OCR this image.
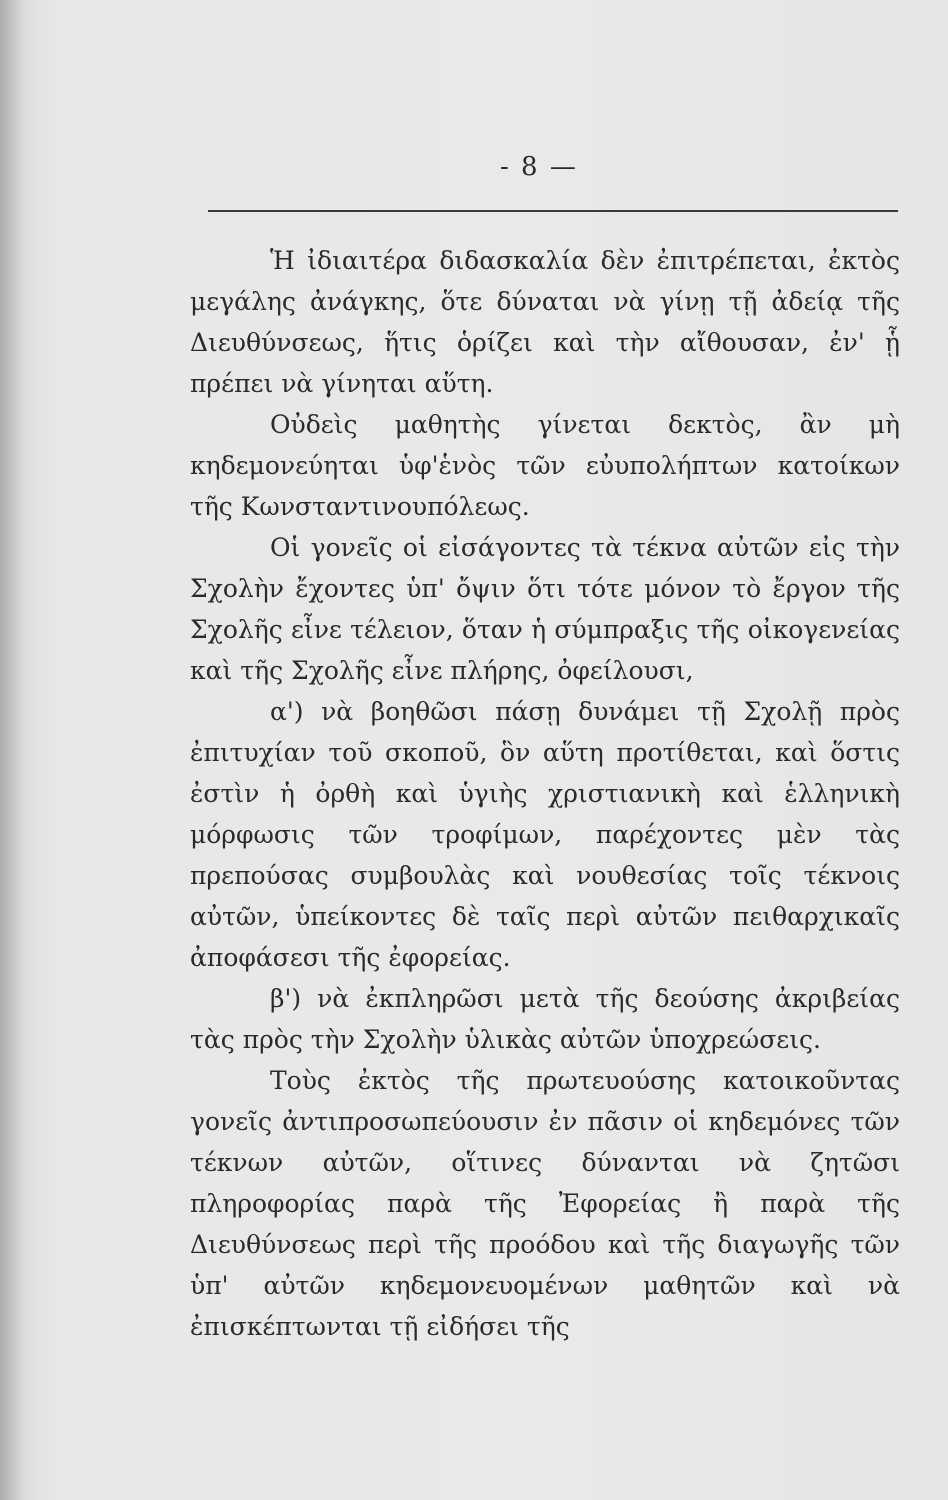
- 8 —

Ἡ ἰδιαιτέρα διδασκαλία δὲν ἐπιτρέπεται, ἐκτὸς μεγάλης ἀνάγκης, ὅτε δύναται νὰ γίνῃ τῇ ἀδείᾳ τῆς Διευθύνσεως, ἥτις ὁρίζει καὶ τὴν αἴθουσαν, ἐν' ᾗ πρέπει νὰ γίνηται αὕτη.

Οὐδεὶς μαθητὴς γίνεται δεκτὸς, ἂν μὴ κηδεμονεύηται ὑφ'ἑνὸς τῶν εὐυπολήπτων κατοίκων τῆς Κωνσταντινουπόλεως.

Οἱ γονεῖς οἱ εἰσάγοντες τὰ τέκνα αὐτῶν εἰς τὴν Σχολὴν ἔχοντες ὑπ' ὄψιν ὅτι τότε μόνον τὸ ἔργον τῆς Σχολῆς εἶνε τέλειον, ὅταν ἡ σύμπραξις τῆς οἰκογενείας καὶ τῆς Σχολῆς εἶνε πλήρης, ὀφείλουσι,

α') νὰ βοηθῶσι πάσῃ δυνάμει τῇ Σχολῇ πρὸς ἐπιτυχίαν τοῦ σκοποῦ, ὃν αὕτη προτίθεται, καὶ ὅστις ἐστὶν ἡ ὀρθὴ καὶ ὑγιὴς χριστιανικὴ καὶ ἑλληνικὴ μόρφωσις τῶν τροφίμων, παρέχοντες μὲν τὰς πρεπούσας συμβουλὰς καὶ νουθεσίας τοῖς τέκνοις αὐτῶν, ὑπείκοντες δὲ ταῖς περὶ αὐτῶν πειθαρχικαῖς ἀποφάσεσι τῆς ἐφορείας.

β') νὰ ἐκπληρῶσι μετὰ τῆς δεούσης ἀκριβείας τὰς πρὸς τὴν Σχολὴν ὑλικὰς αὐτῶν ὑποχρεώσεις.

Τοὺς ἐκτὸς τῆς πρωτευούσης κατοικοῦντας γονεῖς ἀντιπροσωπεύουσιν ἐν πᾶσιν οἱ κηδεμόνες τῶν τέκνων αὐτῶν, οἵτινες δύνανται νὰ ζητῶσι πληροφορίας παρὰ τῆς Ἐφορείας ἢ παρὰ τῆς Διευθύνσεως περὶ τῆς προόδου καὶ τῆς διαγωγῆς τῶν ὑπ' αὐτῶν κηδεμονευομένων μαθητῶν καὶ νὰ ἐπισκέπτωνται τῇ εἰδήσει τῆς
